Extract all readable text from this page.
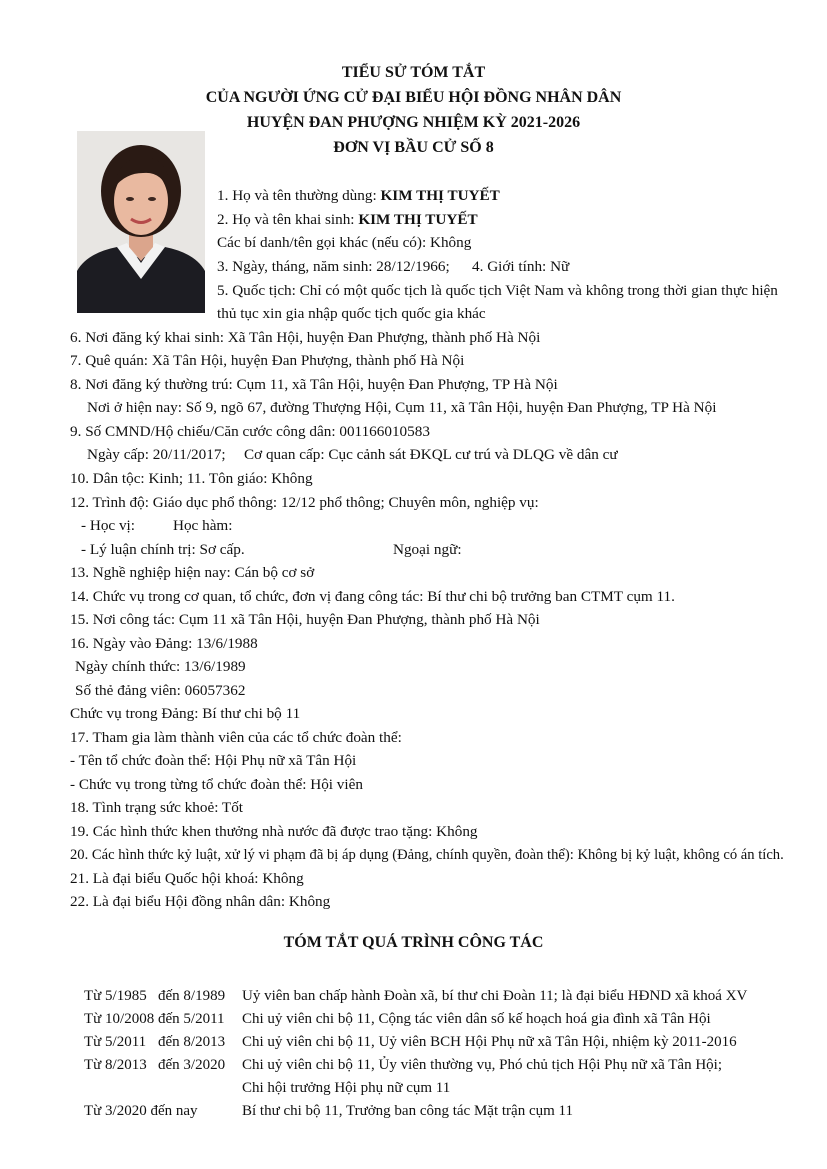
TIỂU SỬ TÓM TẮT
CỦA NGƯỜI ỨNG CỬ ĐẠI BIỂU HỘI ĐỒNG NHÂN DÂN
HUYỆN ĐAN PHƯỢNG NHIỆM KỲ 2021-2026
ĐƠN VỊ BẦU CỬ SỐ 8
1. Họ và tên thường dùng: KIM THỊ TUYẾT
2. Họ và tên khai sinh: KIM THỊ TUYẾT
Các bí danh/tên gọi khác (nếu có): Không
3. Ngày, tháng, năm sinh: 28/12/1966; 4. Giới tính: Nữ
5. Quốc tịch: Chỉ có một quốc tịch là quốc tịch Việt Nam và không trong thời gian thực hiện
thủ tục xin gia nhập quốc tịch quốc gia khác
6. Nơi đăng ký khai sinh: Xã Tân Hội, huyện Đan Phượng, thành phố Hà Nội
7. Quê quán: Xã Tân Hội, huyện Đan Phượng, thành phố Hà Nội
8. Nơi đăng ký thường trú: Cụm 11, xã Tân Hội, huyện Đan Phượng, TP Hà Nội
Nơi ở hiện nay: Số 9, ngõ 67, đường Thượng Hội, Cụm 11, xã Tân Hội, huyện Đan Phượng, TP Hà Nội
9. Số CMND/Hộ chiếu/Căn cước công dân: 001166010583
Ngày cấp: 20/11/2017; Cơ quan cấp: Cục cảnh sát ĐKQL cư trú và DLQG về dân cư
10. Dân tộc: Kinh; 11. Tôn giáo: Không
12. Trình độ: Giáo dục phổ thông: 12/12 phổ thông; Chuyên môn, nghiệp vụ:
- Học vị:	Học hàm:
- Lý luận chính trị: Sơ cấp.	Ngoại ngữ:
13. Nghề nghiệp hiện nay: Cán bộ cơ sở
14. Chức vụ trong cơ quan, tổ chức, đơn vị đang công tác: Bí thư chi bộ trưởng ban CTMT cụm 11.
15. Nơi công tác: Cụm 11 xã Tân Hội, huyện Đan Phượng, thành phố Hà Nội
16. Ngày vào Đảng: 13/6/1988
Ngày chính thức: 13/6/1989
Số thẻ đảng viên: 06057362
Chức vụ trong Đảng: Bí thư chi bộ 11
17. Tham gia làm thành viên của các tổ chức đoàn thể:
- Tên tổ chức đoàn thể: Hội Phụ nữ xã Tân Hội
- Chức vụ trong từng tổ chức đoàn thể: Hội viên
18. Tình trạng sức khoẻ: Tốt
19. Các hình thức khen thưởng nhà nước đã được trao tặng: Không
20. Các hình thức kỷ luật, xử lý vi phạm đã bị áp dụng (Đảng, chính quyền, đoàn thể): Không bị kỷ luật, không có án tích.
21. Là đại biểu Quốc hội khoá: Không
22. Là đại biểu Hội đồng nhân dân: Không
TÓM TẮT QUÁ TRÌNH CÔNG TÁC
Từ 5/1985 đến 8/1989 Uỷ viên ban chấp hành Đoàn xã, bí thư chi Đoàn 11; là đại biểu HĐND xã khoá XV
Từ 10/2008 đến 5/2011 Chi uỷ viên chi bộ 11, Cộng tác viên dân số kế hoạch hoá gia đình xã Tân Hội
Từ 5/2011 đến 8/2013 Chi uỷ viên chi bộ 11, Uỷ viên BCH Hội Phụ nữ xã Tân Hội, nhiệm kỳ 2011-2016
Từ 8/2013 đến 3/2020 Chi uỷ viên chi bộ 11, Ủy viên thường vụ, Phó chủ tịch Hội Phụ nữ xã Tân Hội;
Chi hội trưởng Hội phụ nữ cụm 11
Từ 3/2020 đến nay	Bí thư chi bộ 11, Trưởng ban công tác Mặt trận cụm 11
